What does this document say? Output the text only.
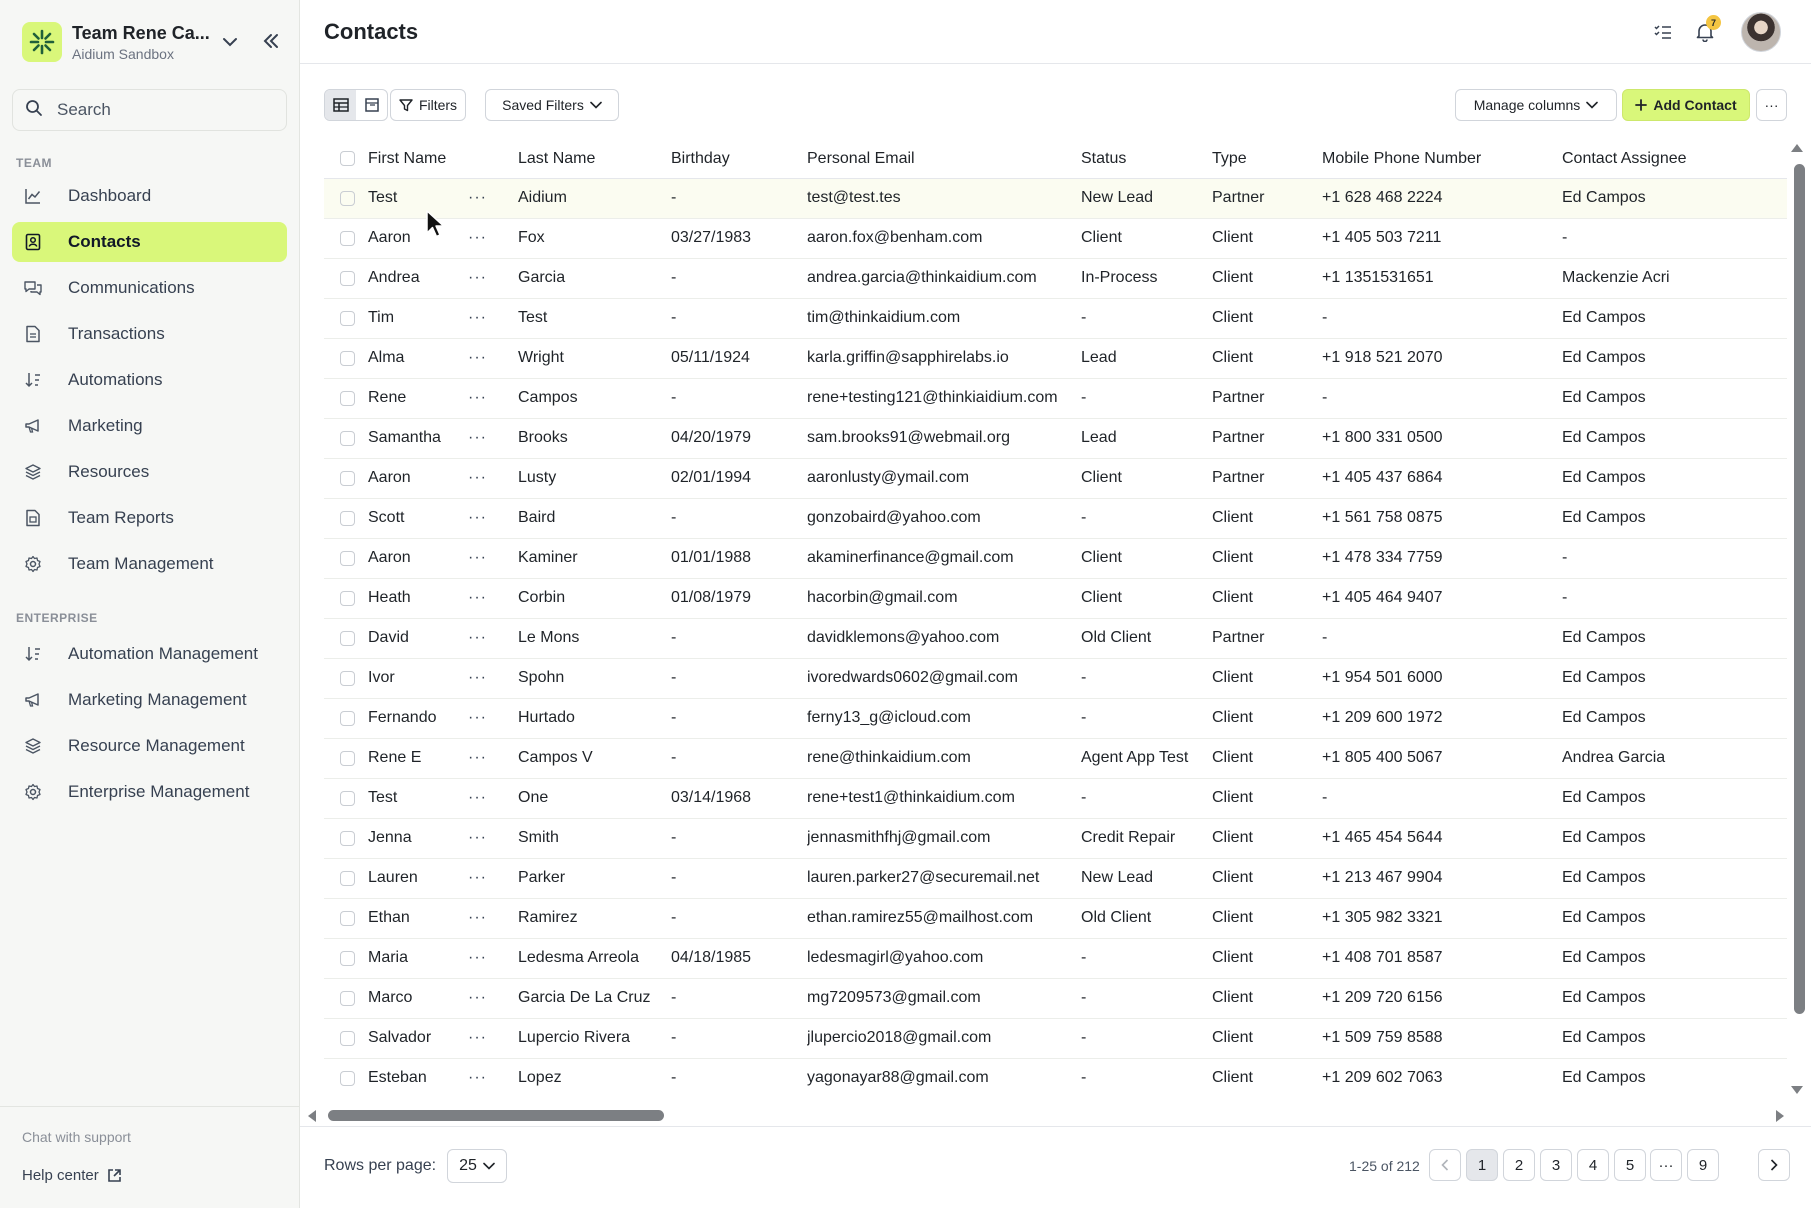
Team Rene Ca...
Aidium Sandbox
Search
TEAM
Dashboard
Contacts
Communications
Transactions
Automations
Marketing
Resources
Team Reports
Team Management
ENTERPRISE
Automation Management
Marketing Management
Resource Management
Enterprise Management
Chat with support
Help center
Contacts	7
Filters	Saved Filters	Manage columns	Add Contact ···
	First Name		Last Name	Birthday	Personal Email	Status	Type	Mobile Phone Number	Contact Assignee

	Test	···	Aidium	-	test@test.tes	New Lead	Partner	+1 628 468 2224	Ed Campos

	Aaron	···	Fox	03/27/1983	aaron.fox@benham.com	Client	Client	+1 405 503 7211	-

	Andrea	···	Garcia	-	andrea.garcia@thinkaidium.com	In-Process	Client	+1 1351531651	Mackenzie Acri

	Tim	···	Test	-	tim@thinkaidium.com	-	Client	-	Ed Campos

	Alma	···	Wright	05/11/1924	karla.griffin@sapphirelabs.io	Lead	Client	+1 918 521 2070	Ed Campos

	Rene	···	Campos	-	rene+testing121@thinkiaidium.com	-	Partner	-	Ed Campos

	Samantha	···	Brooks	04/20/1979	sam.brooks91@webmail.org	Lead	Partner	+1 800 331 0500	Ed Campos

	Aaron	···	Lusty	02/01/1994	aaronlusty@ymail.com	Client	Partner	+1 405 437 6864	Ed Campos

	Scott	···	Baird	-	gonzobaird@yahoo.com	-	Client	+1 561 758 0875	Ed Campos

	Aaron	···	Kaminer	01/01/1988	akaminerfinance@gmail.com	Client	Client	+1 478 334 7759	-

	Heath	···	Corbin	01/08/1979	hacorbin@gmail.com	Client	Client	+1 405 464 9407	-

	David	···	Le Mons	-	davidklemons@yahoo.com	Old Client	Partner	-	Ed Campos

	Ivor	···	Spohn	-	ivoredwards0602@gmail.com	-	Client	+1 954 501 6000	Ed Campos

	Fernando	···	Hurtado	-	ferny13_g@icloud.com	-	Client	+1 209 600 1972	Ed Campos

	Rene E	···	Campos V	-	rene@thinkaidium.com	Agent App Test	Client	+1 805 400 5067	Andrea Garcia

	Test	···	One	03/14/1968	rene+test1@thinkaidium.com	-	Client	-	Ed Campos

	Jenna	···	Smith	-	jennasmithfhj@gmail.com	Credit Repair	Client	+1 465 454 5644	Ed Campos

	Lauren	···	Parker	-	lauren.parker27@securemail.net	New Lead	Client	+1 213 467 9904	Ed Campos

	Ethan	···	Ramirez	-	ethan.ramirez55@mailhost.com	Old Client	Client	+1 305 982 3321	Ed Campos

	Maria	···	Ledesma Arreola	04/18/1985	ledesmagirl@yahoo.com	-	Client	+1 408 701 8587	Ed Campos

	Marco	···	Garcia De La Cruz	-	mg7209573@gmail.com	-	Client	+1 209 720 6156	Ed Campos

	Salvador	···	Lupercio Rivera	-	jlupercio2018@gmail.com	-	Client	+1 509 759 8588	Ed Campos

	Esteban	···	Lopez	-	yagonayar88@gmail.com	-	Client	+1 209 602 7063	Ed Campos
Rows per page: 25	1-25 of 212	1	2	3	4	5	···	9
